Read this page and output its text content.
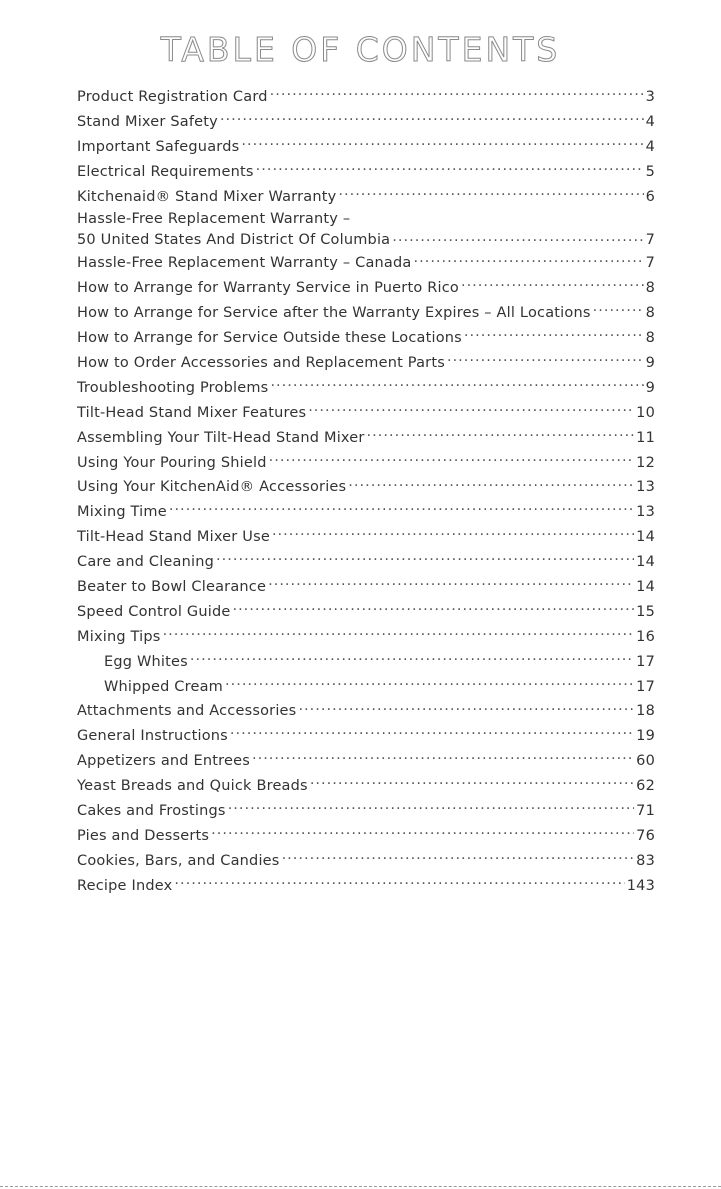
TABLE OF CONTENTS
Product Registration Card .....	3
Stand Mixer Safety .....	4
Important Safeguards .....	4
Electrical Requirements .....	5
Kitchenaid® Stand Mixer Warranty .....	6
Hassle-Free Replacement Warranty –
50 United States And District Of Columbia .....	7
Hassle-Free Replacement Warranty – Canada .....	7
How to Arrange for Warranty Service in Puerto Rico .....	8
How to Arrange for Service after the Warranty Expires – All Locations .....	8
How to Arrange for Service Outside these Locations .....	8
How to Order Accessories and Replacement Parts .....	9
Troubleshooting Problems .....	9
Tilt-Head Stand Mixer Features .....	10
Assembling Your Tilt-Head Stand Mixer .....	11
Using Your Pouring Shield .....	12
Using Your KitchenAid® Accessories .....	13
Mixing Time .....	13
Tilt-Head Stand Mixer Use .....	14
Care and Cleaning .....	14
Beater to Bowl Clearance .....	14
Speed Control Guide .....	15
Mixing Tips .....	16
Egg Whites .....	17
Whipped Cream .....	17
Attachments and Accessories .....	18
General Instructions .....	19
Appetizers and Entrees .....	60
Yeast Breads and Quick Breads .....	62
Cakes and Frostings .....	71
Pies and Desserts .....	76
Cookies, Bars, and Candies .....	83
Recipe Index .....	143
